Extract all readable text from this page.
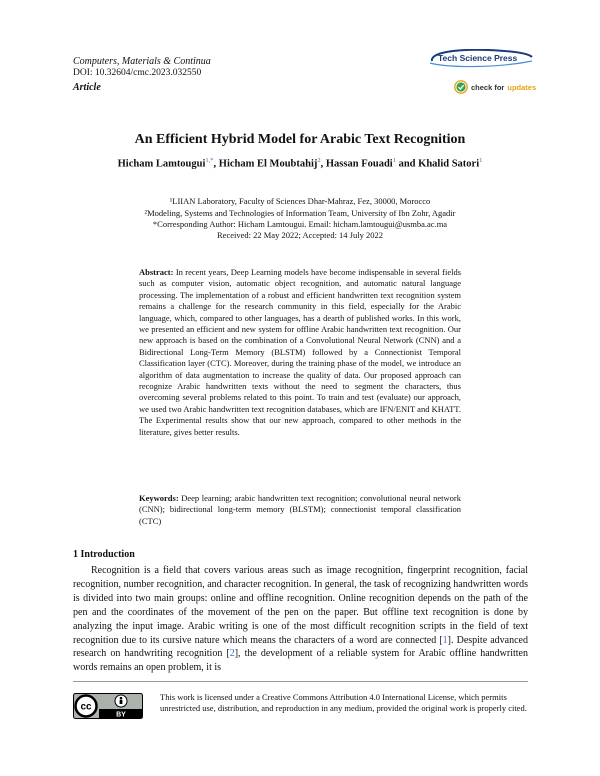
Computers, Materials & Continua
DOI: 10.32604/cmc.2023.032550
Article
Tech Science Press
check for updates
An Efficient Hybrid Model for Arabic Text Recognition
Hicham Lamtougui$^{1,*}$, Hicham El Moubtahij$^2$, Hassan Fouadi$^1$ and Khalid Satori$^1$
¹LIIAN Laboratory, Faculty of Sciences Dhar-Mahraz, Fez, 30000, Morocco
²Modeling, Systems and Technologies of Information Team, University of Ibn Zohr, Agadir
*Corresponding Author: Hicham Lamtougui. Email: hicham.lamtougui@usmba.ac.ma
Received: 22 May 2022; Accepted: 14 July 2022
Abstract: In recent years, Deep Learning models have become indispensable in several fields such as computer vision, automatic object recognition, and automatic natural language processing. The implementation of a robust and efficient handwritten text recognition system remains a challenge for the research community in this field, especially for the Arabic language, which, compared to other languages, has a dearth of published works. In this work, we presented an efficient and new system for offline Arabic handwritten text recognition. Our new approach is based on the combination of a Convolutional Neural Network (CNN) and a Bidirectional Long-Term Memory (BLSTM) followed by a Connectionist Temporal Classification layer (CTC). Moreover, during the training phase of the model, we introduce an algorithm of data augmentation to increase the quality of data. Our proposed approach can recognize Arabic handwritten texts without the need to segment the characters, thus overcoming several problems related to this point. To train and test (evaluate) our approach, we used two Arabic handwritten text recognition databases, which are IFN/ENIT and KHATT. The Experimental results show that our new approach, compared to other methods in the literature, gives better results.
Keywords: Deep learning; arabic handwritten text recognition; convolutional neural network (CNN); bidirectional long-term memory (BLSTM); connectionist temporal classification (CTC)
1 Introduction
Recognition is a field that covers various areas such as image recognition, fingerprint recognition, facial recognition, number recognition, and character recognition. In general, the task of recognizing handwritten words is divided into two main groups: online and offline recognition. Online recognition depends on the path of the pen and the coordinates of the movement of the pen on the paper. But offline text recognition is done by analyzing the input image. Arabic writing is one of the most difficult recognition scripts in the field of text recognition due to its cursive nature which means the characters of a word are connected [1]. Despite advanced research on handwriting recognition [2], the development of a reliable system for Arabic offline handwritten words remains an open problem, it is
cc
BY
This work is licensed under a Creative Commons Attribution 4.0 International License, which permits unrestricted use, distribution, and reproduction in any medium, provided the original work is properly cited.
